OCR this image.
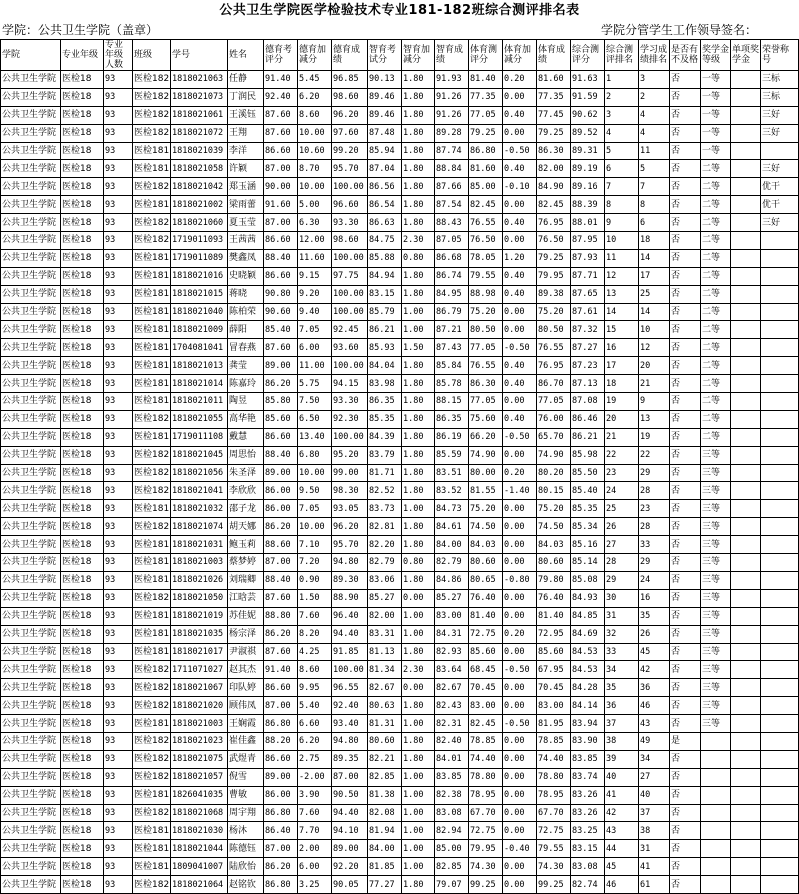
公共卫生学院医学检验技术专业181-182班综合测评排名表
学院：公共卫生学院（盖章）	学院分管学生工作领导签名：
学院	专业年级	专业年级人数	班级	学号	姓名	德育考评分	德育加减分	德育成绩	智育考试分	智育加减分	智育成绩	体育测评分	体育加减分	体育成绩	综合测评分	综合测评排名	学习成绩排名	是否有不及格	奖学金等级	单项奖学金	荣誉称号
公共卫生学院	医检18	93	医检182	1818021063	任静	91.40	5.45	96.85	90.13	1.80	91.93	81.40	0.20	81.60	91.63	1	3	否	一等		三标
公共卫生学院	医检18	93	医检182	1818021073	丁润民	92.40	6.20	98.60	89.46	1.80	91.26	77.35	0.00	77.35	91.59	2	2	否	一等		三标
公共卫生学院	医检18	93	医检182	1818021061	王溪钰	87.60	8.60	96.20	89.46	1.80	91.26	77.05	0.40	77.45	90.62	3	4	否	一等		三好
公共卫生学院	医检18	93	医检182	1818021072	王翔	87.60	10.00	97.60	87.48	1.80	89.28	79.25	0.00	79.25	89.52	4	4	否	一等		三好
公共卫生学院	医检18	93	医检181	1818021039	李洋	86.60	10.60	99.20	85.94	1.80	87.74	86.80	-0.50	86.30	89.31	5	11	否	一等		
公共卫生学院	医检18	93	医检181	1818021058	许颖	87.00	8.70	95.70	87.04	1.80	88.84	81.60	0.40	82.00	89.19	6	5	否	二等		三好
公共卫生学院	医检18	93	医检182	1818021042	郑玉涵	90.00	10.00	100.00	86.56	1.80	87.66	85.00	-0.10	84.90	89.16	7	7	否	二等		优干
公共卫生学院	医检18	93	医检181	1818021002	梁雨蕾	91.60	5.00	96.60	86.54	1.80	87.54	82.45	0.00	82.45	88.39	8	8	否	二等		优干
公共卫生学院	医检18	93	医检182	1818021060	夏玉莹	87.00	6.30	93.30	86.63	1.80	88.43	76.55	0.40	76.95	88.01	9	6	否	二等		三好
公共卫生学院	医检18	93	医检182	1719011093	王茜茜	86.60	12.00	98.60	84.75	2.30	87.05	76.50	0.00	76.50	87.95	10	18	否	二等		
公共卫生学院	医检18	93	医检181	1719011089	樊鑫凤	88.40	11.60	100.00	85.88	0.80	86.68	78.05	1.20	79.25	87.93	11	14	否	二等		
公共卫生学院	医检18	93	医检181	1818021016	史晓颖	86.60	9.15	97.75	84.94	1.80	86.74	79.55	0.40	79.95	87.71	12	17	否	二等		
公共卫生学院	医检18	93	医检181	1818021015	蒋晓	90.80	9.20	100.00	83.15	1.80	84.95	88.98	0.40	89.38	87.65	13	25	否	二等		
公共卫生学院	医检18	93	医检181	1818021040	陈柏荣	90.60	9.40	100.00	85.79	1.00	86.79	75.20	0.00	75.20	87.61	14	14	否	二等		
公共卫生学院	医检18	93	医检181	1818021009	薛阳	85.40	7.05	92.45	86.21	1.00	87.21	80.50	0.00	80.50	87.32	15	10	否	二等		
公共卫生学院	医检18	93	医检181	1704081041	冒春燕	87.60	6.00	93.60	85.93	1.50	87.43	77.05	-0.50	76.55	87.27	16	12	否	二等		
公共卫生学院	医检18	93	医检181	1818021013	龚莹	89.00	11.00	100.00	84.04	1.80	85.84	76.55	0.40	76.95	87.23	17	20	否	二等		
公共卫生学院	医检18	93	医检181	1818021014	陈嘉玲	86.20	5.75	94.15	83.98	1.80	85.78	86.30	0.40	86.70	87.13	18	21	否	二等		
公共卫生学院	医检18	93	医检181	1818021011	陶昱	85.80	7.50	93.30	86.35	1.80	88.15	77.05	0.00	77.05	87.08	19	9	否	二等		
公共卫生学院	医检18	93	医检182	1818021055	高华艳	85.60	6.50	92.30	85.35	1.80	86.35	75.60	0.40	76.00	86.46	20	13	否	二等		
公共卫生学院	医检18	93	医检181	1719011108	戴慧	86.60	13.40	100.00	84.39	1.80	86.19	66.20	-0.50	65.70	86.21	21	19	否	二等		
公共卫生学院	医检18	93	医检182	1818021045	周思怡	88.40	6.80	95.20	83.79	1.80	85.59	74.90	0.00	74.90	85.98	22	22	否	三等		
公共卫生学院	医检18	93	医检182	1818021056	朱圣泽	89.00	10.00	99.00	81.71	1.80	83.51	80.00	0.20	80.20	85.50	23	29	否	三等		
公共卫生学院	医检18	93	医检182	1818021041	李欣欣	86.00	9.50	98.30	82.52	1.80	83.52	81.55	-1.40	80.15	85.40	24	28	否	三等		
公共卫生学院	医检18	93	医检181	1818021032	邵子龙	86.00	7.05	93.05	83.73	1.00	84.73	75.20	0.00	75.20	85.35	25	23	否	三等		
公共卫生学院	医检18	93	医检182	1818021074	胡天娜	86.20	10.00	96.20	82.81	1.80	84.61	74.50	0.00	74.50	85.34	26	28	否	三等		
公共卫生学院	医检18	93	医检181	1818021031	鲍玉莉	88.60	7.10	95.70	82.20	1.80	84.00	84.03	0.00	84.03	85.16	27	33	否	三等		
公共卫生学院	医检18	93	医检181	1818021003	蔡梦婷	87.00	7.20	94.80	82.79	0.80	82.79	80.60	0.00	80.60	85.14	28	29	否	三等		
公共卫生学院	医检18	93	医检181	1818021026	刘瑞卿	88.40	0.90	89.30	83.06	1.80	84.86	80.65	-0.80	79.80	85.08	29	24	否	三等		
公共卫生学院	医检18	93	医检182	1818021050	江晗芸	87.60	1.50	88.90	85.27	0.00	85.27	76.40	0.00	76.40	84.93	30	16	否	三等		
公共卫生学院	医检18	93	医检181	1818021019	苏佳妮	88.80	7.60	96.40	82.00	1.00	83.00	81.40	0.00	81.40	84.85	31	35	否	三等		
公共卫生学院	医检18	93	医检181	1818021035	杨宗泽	86.20	8.20	94.40	83.31	1.00	84.31	72.75	0.20	72.95	84.69	32	26	否	三等		
公共卫生学院	医检18	93	医检181	1818021017	尹淑祺	87.60	4.25	91.85	81.13	1.80	82.93	85.60	0.00	85.60	84.53	33	45	否	三等		
公共卫生学院	医检18	93	医检182	1711071027	赵其杰	91.40	8.60	100.00	81.34	2.30	83.64	68.45	-0.50	67.95	84.53	34	42	否	三等		
公共卫生学院	医检18	93	医检182	1818021067	印队婷	86.60	9.95	96.55	82.67	0.00	82.67	70.45	0.00	70.45	84.28	35	36	否	三等		
公共卫生学院	医检18	93	医检182	1818021020	顾伟凤	87.00	5.40	92.40	80.63	1.80	82.43	83.00	0.00	83.00	84.14	36	46	否	三等		
公共卫生学院	医检18	93	医检181	1818021003	王娴霞	86.80	6.60	93.40	81.31	1.00	82.31	82.45	-0.50	81.95	83.94	37	43	否	三等		
公共卫生学院	医检18	93	医检182	1818021023	崔佳鑫	88.20	6.20	94.80	80.60	1.80	82.40	78.85	0.00	78.85	83.90	38	49	是			
公共卫生学院	医检18	93	医检182	1818021075	武煜青	86.60	2.75	89.35	82.21	1.80	84.01	74.40	0.00	74.40	83.85	39	34	否			
公共卫生学院	医检18	93	医检182	1818021057	倪雪	89.00	-2.00	87.00	82.85	1.00	83.85	78.80	0.00	78.80	83.74	40	27	否			
公共卫生学院	医检18	93	医检181	1826041035	曹敏	86.00	3.90	90.50	81.38	1.00	82.38	78.95	0.00	78.95	83.26	41	40	否			
公共卫生学院	医检18	93	医检182	1818021068	周宇翔	86.80	7.60	94.40	82.08	1.00	83.08	67.70	0.00	67.70	83.26	42	37	否			
公共卫生学院	医检18	93	医检181	1818021030	杨沐	86.40	7.70	94.10	81.94	1.00	82.94	72.75	0.00	72.75	83.25	43	38	否			
公共卫生学院	医检18	93	医检181	1818021044	陈德钰	87.00	2.00	89.00	84.00	1.00	85.00	79.95	-0.40	79.55	83.15	44	31	否			
公共卫生学院	医检18	93	医检181	1809041007	陆欣怡	86.20	6.00	92.20	81.85	1.00	82.85	74.30	0.00	74.30	83.08	45	41	否			
公共卫生学院	医检18	93	医检182	1818021064	赵铭钦	86.80	3.25	90.05	77.27	1.80	79.07	99.25	0.00	99.25	82.74	46	61	否			
